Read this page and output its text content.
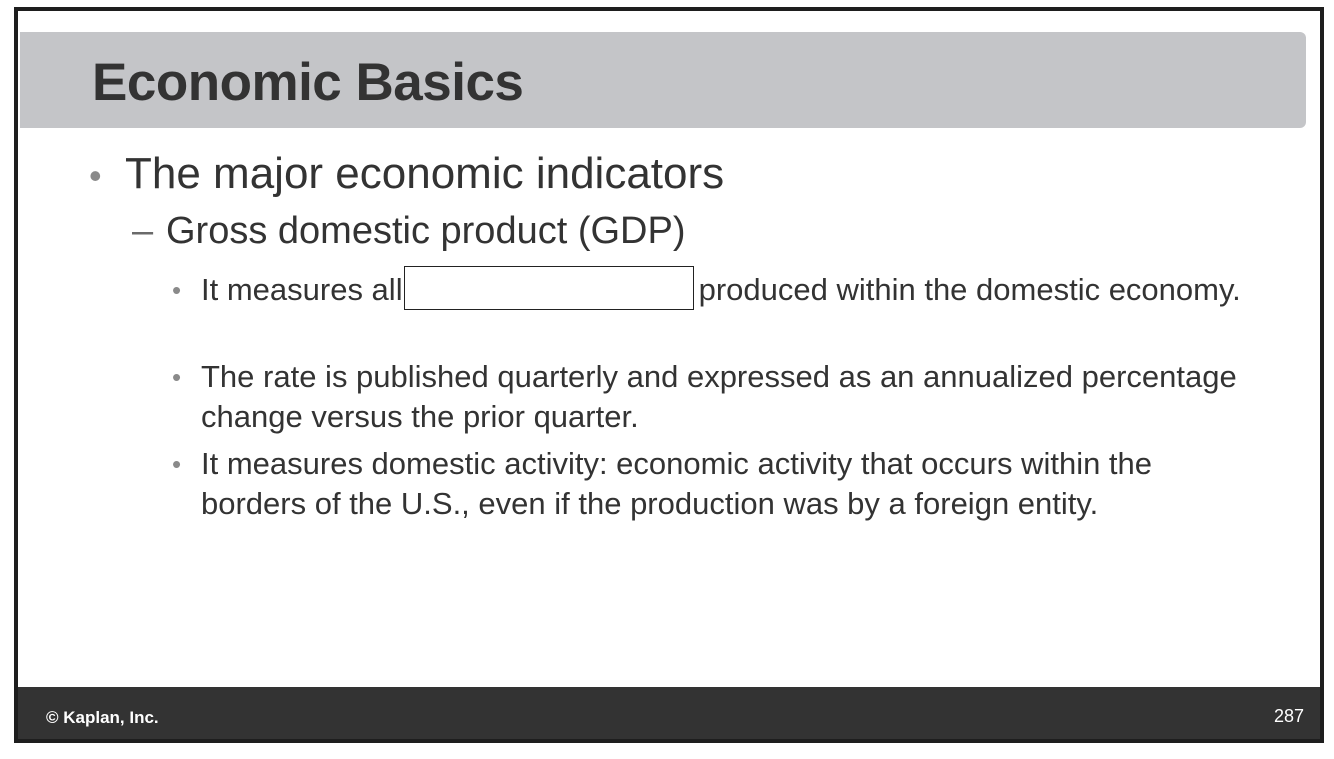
Economic Basics
• The major economic indicators
– Gross domestic product (GDP)
• It measures all	produced within the domestic economy.
• The rate is published quarterly and expressed as an annualized percentage change versus the prior quarter.
• It measures domestic activity: economic activity that occurs within the borders of the U.S., even if the production was by a foreign entity.
© Kaplan, Inc.	287
